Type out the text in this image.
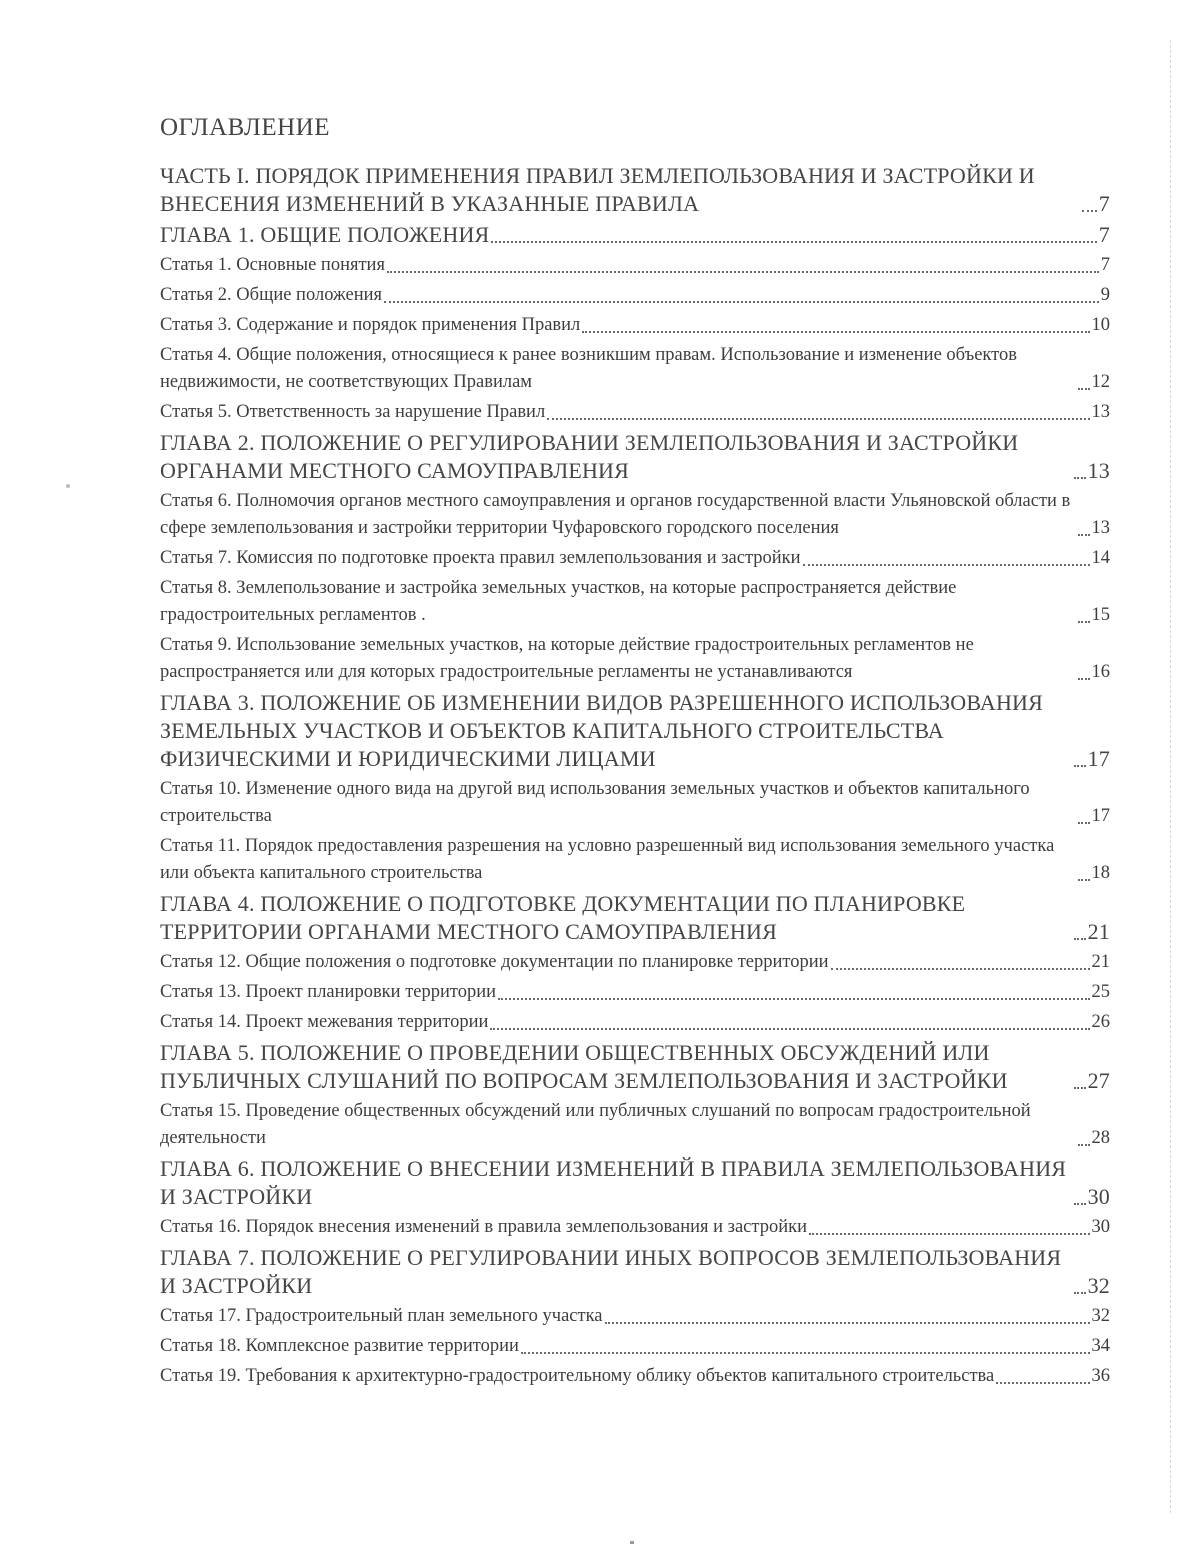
ОГЛАВЛЕНИЕ
ЧАСТЬ I. ПОРЯДОК ПРИМЕНЕНИЯ ПРАВИЛ ЗЕМЛЕПОЛЬЗОВАНИЯ И ЗАСТРОЙКИ И ВНЕСЕНИЯ ИЗМЕНЕНИЙ В УКАЗАННЫЕ ПРАВИЛА	7
ГЛАВА 1. ОБЩИЕ ПОЛОЖЕНИЯ	7
Статья 1. Основные понятия	7
Статья 2. Общие положения	9
Статья 3. Содержание и порядок применения Правил	10
Статья 4. Общие положения, относящиеся к ранее возникшим правам. Использование и изменение объектов недвижимости, не соответствующих Правилам	12
Статья 5. Ответственность за нарушение Правил	13
ГЛАВА 2. ПОЛОЖЕНИЕ О РЕГУЛИРОВАНИИ ЗЕМЛЕПОЛЬЗОВАНИЯ И ЗАСТРОЙКИ ОРГАНАМИ МЕСТНОГО САМОУПРАВЛЕНИЯ	13
Статья 6. Полномочия органов местного самоуправления и органов государственной власти Ульяновской области в сфере землепользования и застройки территории Чуфаровского городского поселения	13
Статья 7. Комиссия по подготовке проекта правил землепользования и застройки	14
Статья 8. Землепользование и застройка земельных участков, на которые распространяется действие градостроительных регламентов .	15
Статья 9. Использование земельных участков, на которые действие градостроительных регламентов не распространяется или для которых градостроительные регламенты не устанавливаются	16
ГЛАВА 3. ПОЛОЖЕНИЕ ОБ ИЗМЕНЕНИИ ВИДОВ РАЗРЕШЕННОГО ИСПОЛЬЗОВАНИЯ ЗЕМЕЛЬНЫХ УЧАСТКОВ И ОБЪЕКТОВ КАПИТАЛЬНОГО СТРОИТЕЛЬСТВА ФИЗИЧЕСКИМИ И ЮРИДИЧЕСКИМИ ЛИЦАМИ	17
Статья 10. Изменение одного вида на другой вид использования земельных участков и объектов капитального строительства	17
Статья 11. Порядок предоставления разрешения на условно разрешенный вид использования земельного участка или объекта капитального строительства	18
ГЛАВА 4. ПОЛОЖЕНИЕ О ПОДГОТОВКЕ ДОКУМЕНТАЦИИ ПО ПЛАНИРОВКЕ ТЕРРИТОРИИ ОРГАНАМИ МЕСТНОГО САМОУПРАВЛЕНИЯ	21
Статья 12. Общие положения о подготовке документации по планировке территории	21
Статья 13. Проект планировки территории	25
Статья 14. Проект межевания территории	26
ГЛАВА 5. ПОЛОЖЕНИЕ О ПРОВЕДЕНИИ ОБЩЕСТВЕННЫХ ОБСУЖДЕНИЙ ИЛИ ПУБЛИЧНЫХ СЛУШАНИЙ ПО ВОПРОСАМ ЗЕМЛЕПОЛЬЗОВАНИЯ И ЗАСТРОЙКИ	27
Статья 15. Проведение общественных обсуждений или публичных слушаний по вопросам градостроительной деятельности	28
ГЛАВА 6. ПОЛОЖЕНИЕ О ВНЕСЕНИИ ИЗМЕНЕНИЙ В ПРАВИЛА ЗЕМЛЕПОЛЬЗОВАНИЯ И ЗАСТРОЙКИ	30
Статья 16. Порядок внесения изменений в правила землепользования и застройки	30
ГЛАВА 7. ПОЛОЖЕНИЕ О РЕГУЛИРОВАНИИ ИНЫХ ВОПРОСОВ ЗЕМЛЕПОЛЬЗОВАНИЯ И ЗАСТРОЙКИ	32
Статья 17. Градостроительный план земельного участка	32
Статья 18. Комплексное развитие территории	34
Статья 19. Требования к архитектурно-градостроительному облику объектов капитального строительства	36
